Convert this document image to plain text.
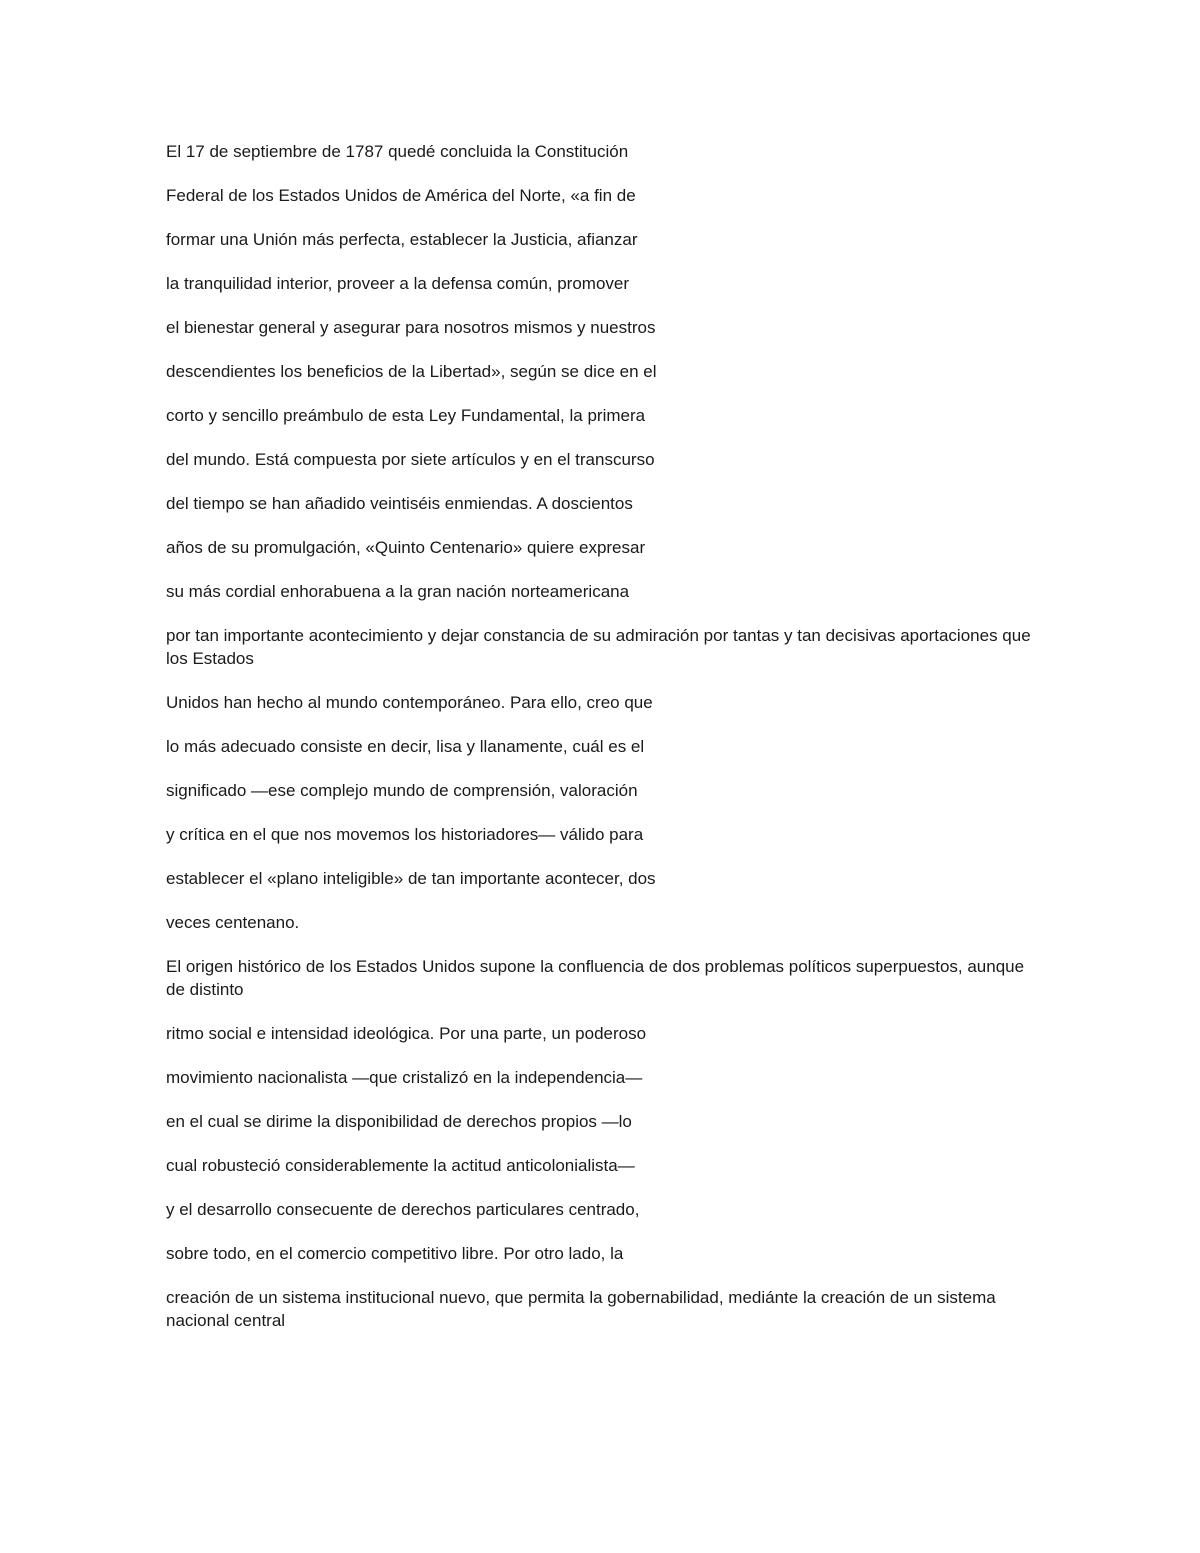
El 17 de septiembre de 1787 quedé concluida la Constitución

Federal de los Estados Unidos de América del Norte, «a fin de

formar una Unión más perfecta, establecer la Justicia, afianzar

la tranquilidad interior, proveer a la defensa común, promover

el bienestar general y asegurar para nosotros mismos y nuestros

descendientes los beneficios de la Libertad», según se dice en el

corto y sencillo preámbulo de esta Ley Fundamental, la primera

del mundo. Está compuesta por siete artículos y en el transcurso

del tiempo se han añadido veintiséis enmiendas. A doscientos

años de su promulgación, «Quinto Centenario» quiere expresar

su más cordial enhorabuena a la gran nación norteamericana

por tan importante acontecimiento y dejar constancia de su admiración por tantas y tan decisivas aportaciones que los Estados

Unidos han hecho al mundo contemporáneo. Para ello, creo que

lo más adecuado consiste en decir, lisa y llanamente, cuál es el

significado —ese complejo mundo de comprensión, valoración

y crítica en el que nos movemos los historiadores— válido para

establecer el «plano inteligible» de tan importante acontecer, dos

veces centenano.

El origen histórico de los Estados Unidos supone la confluencia de dos problemas políticos superpuestos, aunque de distinto

ritmo social e intensidad ideológica. Por una parte, un poderoso

movimiento nacionalista —que cristalizó en la independencia—

en el cual se dirime la disponibilidad de derechos propios —lo

cual robusteció considerablemente la actitud anticolonialista—

y el desarrollo consecuente de derechos particulares centrado,

sobre todo, en el comercio competitivo libre. Por otro lado, la

creación de un sistema institucional nuevo, que permita la gobernabilidad, mediánte la creación de un sistema nacional central
